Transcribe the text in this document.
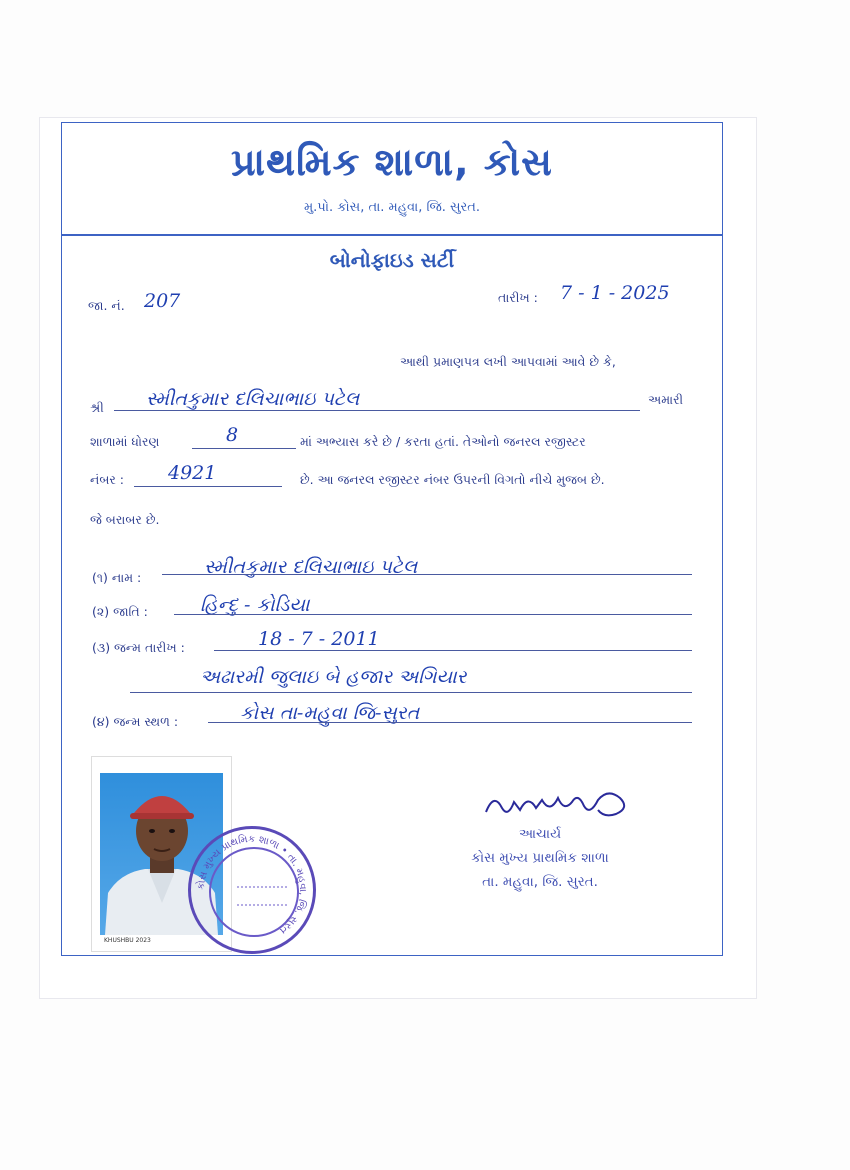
પ્રાથમિક શાળા, કોસ
મુ.પો. કોસ, તા. મહુવા, જિ. સુરત.
બોનોફાઇડ સર્ટી
જા. નં. 207	તારીખ : 7 - 1 - 2025
આથી પ્રમાણપત્ર લખી આપવામાં આવે છે કે,
શ્રી સ્મીતકુમાર દલિચાભાઇ પટેલ	અમારી
શાળામાં ધોરણ	8	માં અભ્યાસ કરે છે / કરતા હતાં. તેઓનો જનરલ રજીસ્ટર
નંબર : 4921	છે. આ જનરલ રજીસ્ટર નંબર ઉપરની વિગતો નીચે મુજબ છે.
જે બરાબર છે.
(૧) નામ :	સ્મીતકુમાર દલિચાભાઇ પટેલ
(૨) જાતિ :	હિન્દુ - કોડિયા
(૩) જન્મ તારીખ :	18 - 7 - 2011
અઢારમી જુલાઇ બે હજાર અગિયાર
(૪) જન્મ સ્થળ :	કોસ તા-મહુવા જિ-સુરત
KHUSHBU 2023
કોસ મુખ્ય પ્રાથમિક શાળા • તા. મહુવા, જિ. સુરત
આચાર્ય
કોસ મુખ્ય પ્રાથમિક શાળા
તા. મહુવા, જિ. સુરત.
